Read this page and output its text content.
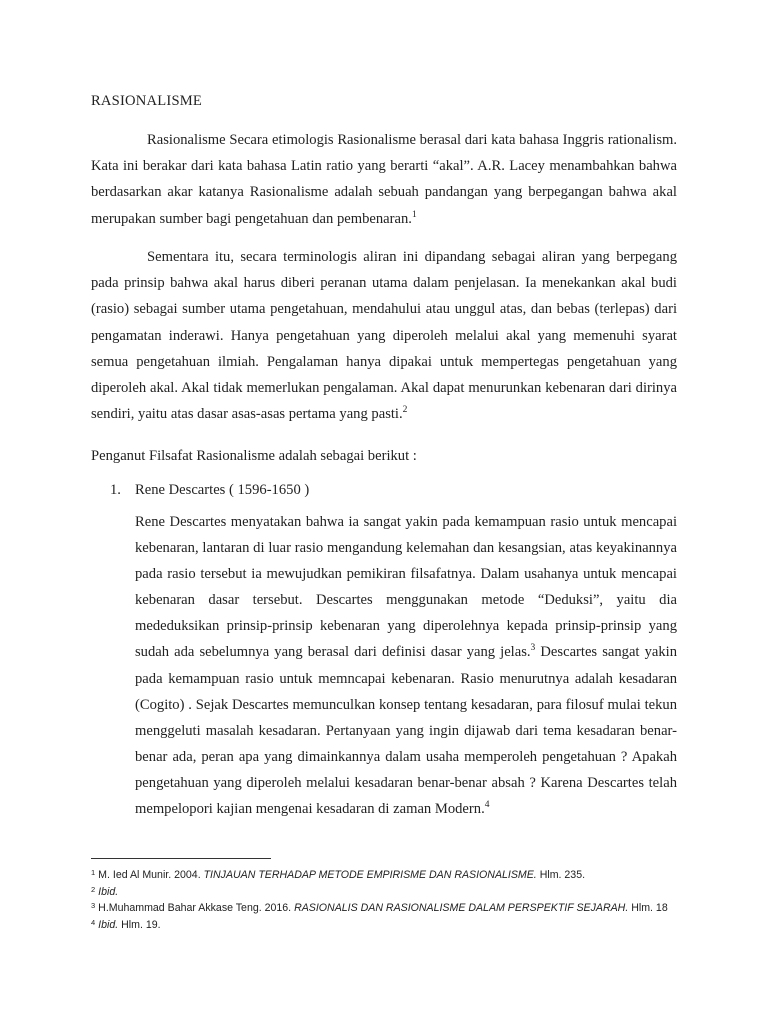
RASIONALISME

Rasionalisme Secara etimologis Rasionalisme berasal dari kata bahasa Inggris rationalism. Kata ini berakar dari kata bahasa Latin ratio yang berarti “akal”. A.R. Lacey menambahkan bahwa berdasarkan akar katanya Rasionalisme adalah sebuah pandangan yang berpegangan bahwa akal merupakan sumber bagi pengetahuan dan pembenaran.$^1$

Sementara itu, secara terminologis aliran ini dipandang sebagai aliran yang berpegang pada prinsip bahwa akal harus diberi peranan utama dalam penjelasan. Ia menekankan akal budi (rasio) sebagai sumber utama pengetahuan, mendahului atau unggul atas, dan bebas (terlepas) dari pengamatan inderawi. Hanya pengetahuan yang diperoleh melalui akal yang memenuhi syarat semua pengetahuan ilmiah. Pengalaman hanya dipakai untuk mempertegas pengetahuan yang diperoleh akal. Akal tidak memerlukan pengalaman. Akal dapat menurunkan kebenaran dari dirinya sendiri, yaitu atas dasar asas-asas pertama yang pasti.$^2$

Penganut Filsafat Rasionalisme adalah sebagai berikut :

1. Rene Descartes ( 1596-1650 )

Rene Descartes menyatakan bahwa ia sangat yakin pada kemampuan rasio untuk mencapai kebenaran, lantaran di luar rasio mengandung kelemahan dan kesangsian, atas keyakinannya pada rasio tersebut ia mewujudkan pemikiran filsafatnya. Dalam usahanya untuk mencapai kebenaran dasar tersebut. Descartes menggunakan metode “Deduksi”, yaitu dia mededuksikan prinsip-prinsip kebenaran yang diperolehnya kepada prinsip-prinsip yang sudah ada sebelumnya yang berasal dari definisi dasar yang jelas.$^3$ Descartes sangat yakin pada kemampuan rasio untuk memncapai kebenaran. Rasio menurutnya adalah kesadaran (Cogito) . Sejak Descartes memunculkan konsep tentang kesadaran, para filosuf mulai tekun menggeluti masalah kesadaran. Pertanyaan yang ingin dijawab dari tema kesadaran benar-benar ada, peran apa yang dimainkannya dalam usaha memperoleh pengetahuan ? Apakah pengetahuan yang diperoleh melalui kesadaran benar-benar absah ? Karena Descartes telah mempelopori kajian mengenai kesadaran di zaman Modern.$^4$

$^1$ M. Ied Al Munir. 2004. TINJAUAN TERHADAP METODE EMPIRISME DAN RASIONALISME. Hlm. 235.
$^2$ Ibid.
$^3$ H.Muhammad Bahar Akkase Teng. 2016. RASIONALIS DAN RASIONALISME DALAM PERSPEKTIF SEJARAH. Hlm. 18
$^4$ Ibid. Hlm. 19.
